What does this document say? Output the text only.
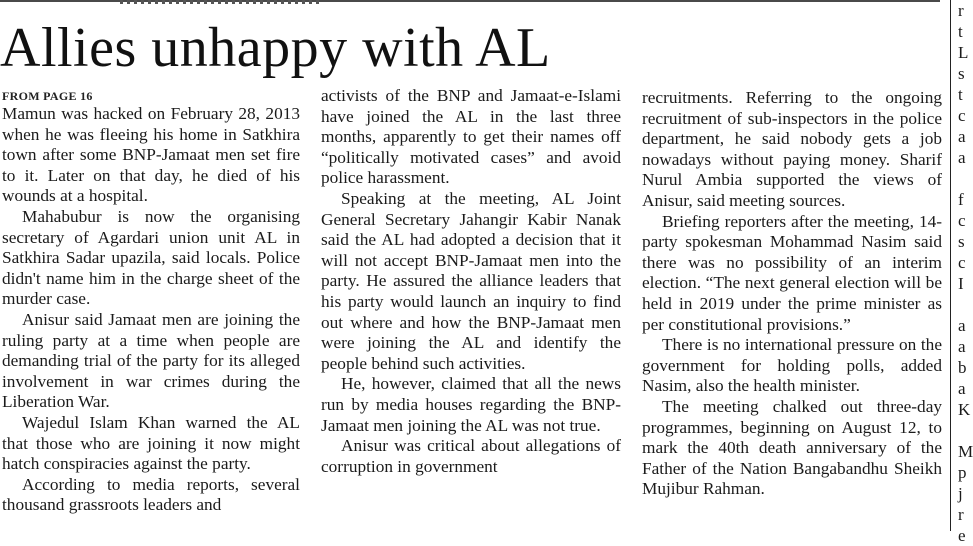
Allies unhappy with AL
FROM PAGE 16

Mamun was hacked on February 28, 2013 when he was fleeing his home in Satkhira town after some BNP-Jamaat men set fire to it. Later on that day, he died of his wounds at a hospital.

Mahabubur is now the organising secretary of Agardari union unit AL in Satkhira Sadar upazila, said locals. Police didn't name him in the charge sheet of the murder case.

Anisur said Jamaat men are joining the ruling party at a time when people are demanding trial of the party for its alleged involvement in war crimes during the Liberation War.

Wajedul Islam Khan warned the AL that those who are joining it now might hatch conspiracies against the party.

According to media reports, several thousand grassroots leaders and

activists of the BNP and Jamaat-e-Islami have joined the AL in the last three months, apparently to get their names off “politically motivated cases” and avoid police harassment.

Speaking at the meeting, AL Joint General Secretary Jahangir Kabir Nanak said the AL had adopted a decision that it will not accept BNP-Jamaat men into the party. He assured the alliance leaders that his party would launch an inquiry to find out where and how the BNP-Jamaat men were joining the AL and identify the people behind such activities.

He, however, claimed that all the news run by media houses regarding the BNP-Jamaat men joining the AL was not true.

Anisur was critical about allegations of corruption in government

recruitments. Referring to the ongoing recruitment of sub-inspectors in the police department, he said nobody gets a job nowadays without paying money. Sharif Nurul Ambia supported the views of Anisur, said meeting sources.

Briefing reporters after the meeting, 14-party spokesman Mohammad Nasim said there was no possibility of an interim election. “The next general election will be held in 2019 under the prime minister as per constitutional provisions.”

There is no international pressure on the government for holding polls, added Nasim, also the health minister.

The meeting chalked out three-day programmes, beginning on August 12, to mark the 40th death anniversary of the Father of the Nation Bangabandhu Sheikh Mujibur Rahman.

r
t
L
s
t
c
a
a
f
c
s
c
I
a
a
b
a
K
M
p
j
r
e
